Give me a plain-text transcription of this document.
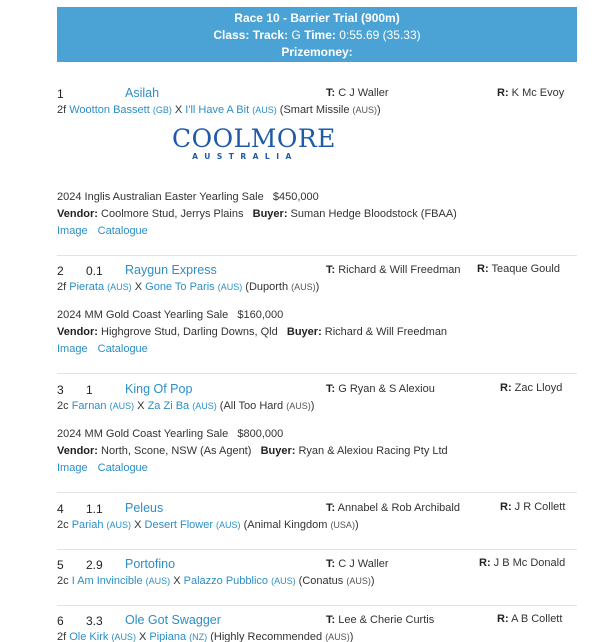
Race 10 - Barrier Trial (900m)
Class: Track: G Time: 0:55.69 (35.33)
Prizemoney:
1	Asilah	T: C J Waller	R: K Mc Evoy
2f Wootton Bassett (GB) X I'll Have A Bit (AUS) (Smart Missile (AUS))
COOLMORE
AUSTRALIA
2024 Inglis Australian Easter Yearling Sale $450,000
Vendor: Coolmore Stud, Jerrys Plains Buyer: Suman Hedge Bloodstock (FBAA)
Image Catalogue
2 0.1 Raygun Express	T: Richard & Will Freedman R: Teaque Gould
2f Pierata (AUS) X Gone To Paris (AUS) (Duporth (AUS))
2024 MM Gold Coast Yearling Sale $160,000
Vendor: Highgrove Stud, Darling Downs, Qld Buyer: Richard & Will Freedman
Image Catalogue
3 1	King Of Pop	T: G Ryan & S Alexiou	R: Zac Lloyd
2c Farnan (AUS) X Za Zi Ba (AUS) (All Too Hard (AUS))
2024 MM Gold Coast Yearling Sale $800,000
Vendor: North, Scone, NSW (As Agent) Buyer: Ryan & Alexiou Racing Pty Ltd
Image Catalogue
4 1.1 Peleus	T: Annabel & Rob Archibald	R: J R Collett
2c Pariah (AUS) X Desert Flower (AUS) (Animal Kingdom (USA))
5 2.9 Portofino	T: C J Waller	R: J B Mc Donald
2c I Am Invincible (AUS) X Palazzo Pubblico (AUS) (Conatus (AUS))
6 3.3 Ole Got Swagger	T: Lee & Cherie Curtis	R: A B Collett
2f Ole Kirk (AUS) X Pipiana (NZ) (Highly Recommended (AUS))
